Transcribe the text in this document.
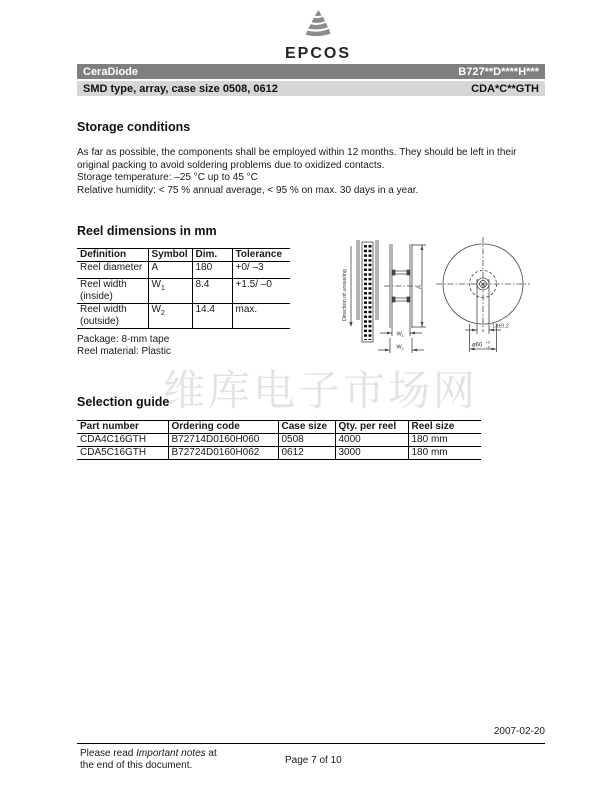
EPCOS
CeraDiode	B727**D****H***
SMD type, array, case size 0508, 0612	CDA*C**GTH
Storage conditions
As far as possible, the components shall be employed within 12 months. They should be left in their original packing to avoid soldering problems due to oxidized contacts.
Storage temperature: –25 °C up to 45 °C
Relative humidity: < 75 % annual average, < 95 % on max. 30 days in a year.
Reel dimensions in mm
Definition	Symbol	Dim.	Tolerance
Reel diameter	A	180	+0/ –3
Reel width (inside)	$W_1$	8.4	+1.5/ –0
Reel width (outside)	$W_2$	14.4	max.
Package: 8-mm tape
Reel material: Plastic
Direction of unreeling	A
W 1
W 2
13±0,2
ø60
+2
–0
维库电子市场网
Selection guide
Part number	Ordering code	Case size	Qty. per reel	Reel size
CDA4C16GTH	B72714D0160H060	0508	4000	180 mm
CDA5C16GTH	B72724D0160H062	0612	3000	180 mm
2007-02-20
Please read Important notes at
the end of this document.	Page 7 of 10
